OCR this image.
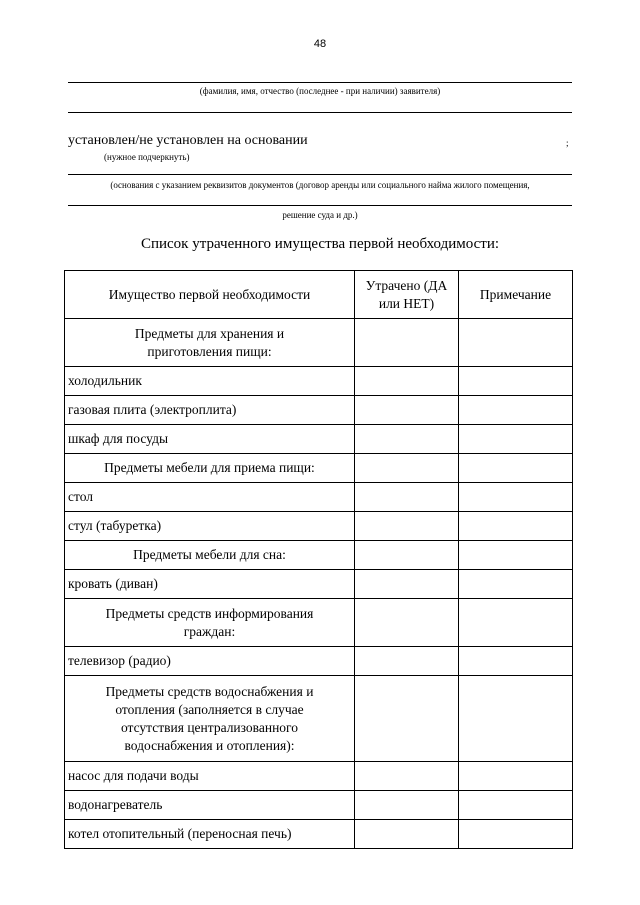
48
(фамилия, имя, отчество (последнее - при наличии) заявителя)
установлен/не установлен на основании	;
(нужное подчеркнуть)
(основания с указанием реквизитов документов (договор аренды или социального найма жилого помещения,
решение суда и др.)
Список утраченного имущества первой необходимости:
Имущество первой необходимости	Утрачено (ДА или НЕТ)	Примечание
Предметы для хранения и приготовления пищи:		
холодильник		
газовая плита (электроплита)		
шкаф для посуды		
Предметы мебели для приема пищи:		
стол		
стул (табуретка)		
Предметы мебели для сна:		
кровать (диван)		
Предметы средств информирования граждан:		
телевизор (радио)		
Предметы средств водоснабжения и отопления (заполняется в случае отсутствия централизованного водоснабжения и отопления):		
насос для подачи воды		
водонагреватель		
котел отопительный (переносная печь)		
